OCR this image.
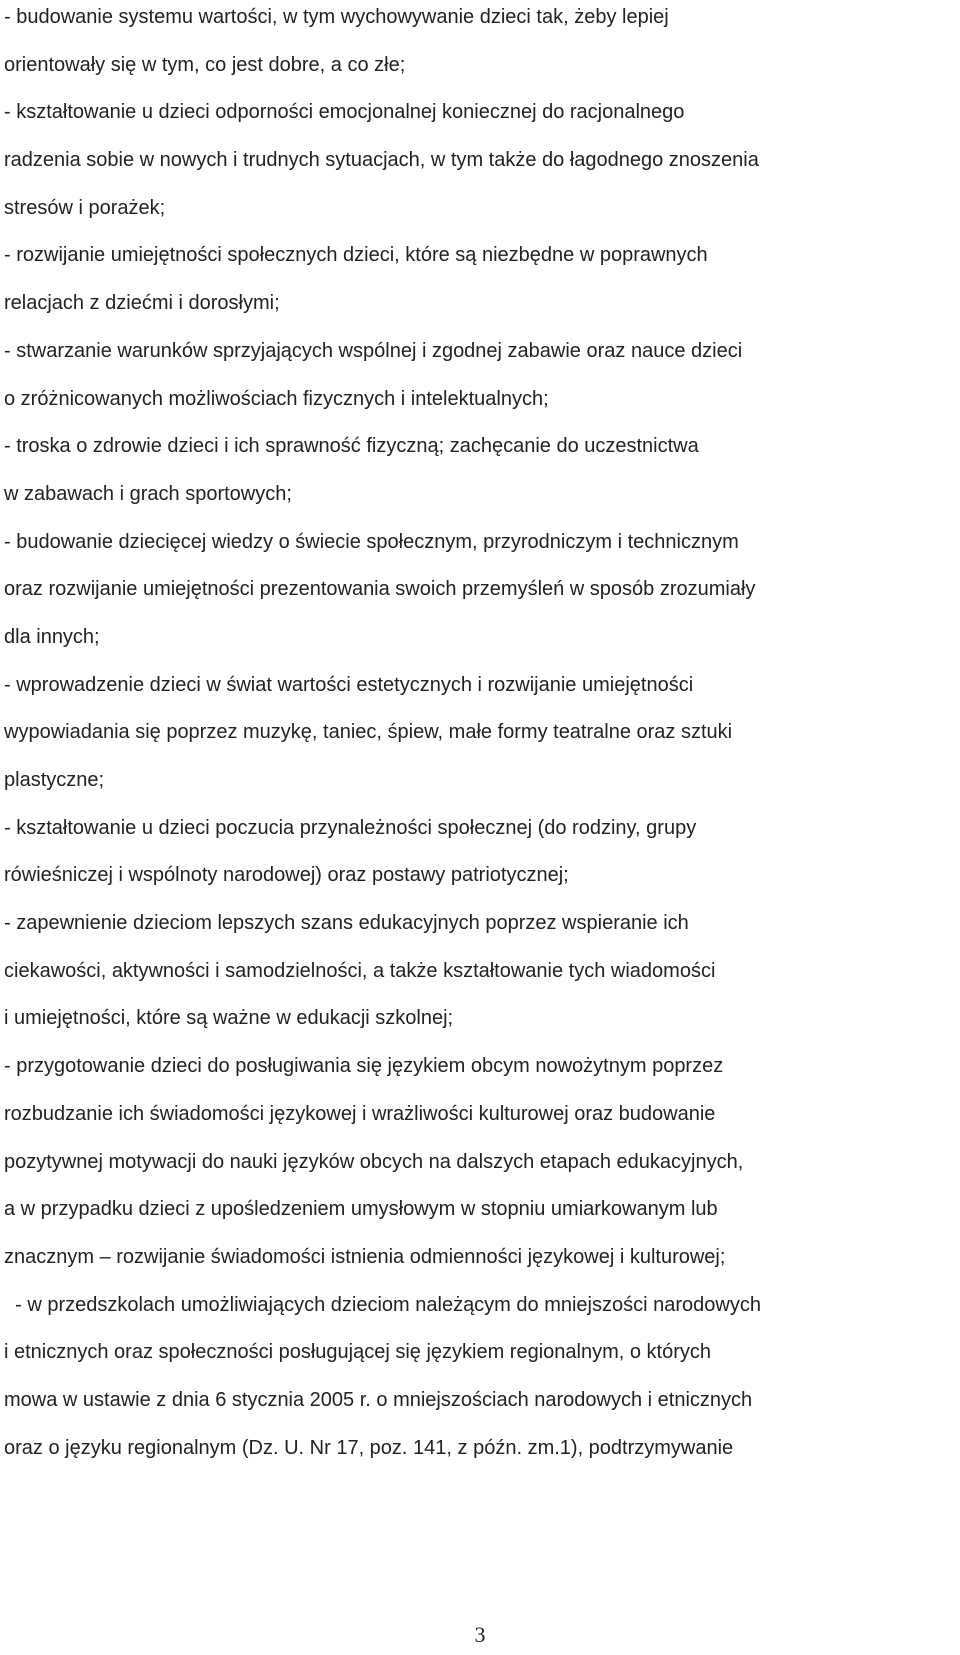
- budowanie systemu wartości, w tym wychowywanie dzieci tak, żeby lepiej
orientowały się w tym, co jest dobre, a co złe;
- kształtowanie u dzieci odporności emocjonalnej koniecznej do racjonalnego
radzenia sobie w nowych i trudnych sytuacjach, w tym także do łagodnego znoszenia
stresów i porażek;
- rozwijanie umiejętności społecznych dzieci, które są niezbędne w poprawnych
relacjach z dziećmi i dorosłymi;
- stwarzanie warunków sprzyjających wspólnej i zgodnej zabawie oraz nauce dzieci
o zróżnicowanych możliwościach fizycznych i intelektualnych;
- troska o zdrowie dzieci i ich sprawność fizyczną; zachęcanie do uczestnictwa
w zabawach i grach sportowych;
- budowanie dziecięcej wiedzy o świecie społecznym, przyrodniczym i technicznym
oraz rozwijanie umiejętności prezentowania swoich przemyśleń w sposób zrozumiały
dla innych;
- wprowadzenie dzieci w świat wartości estetycznych i rozwijanie umiejętności
wypowiadania się poprzez muzykę, taniec, śpiew, małe formy teatralne oraz sztuki
plastyczne;
- kształtowanie u dzieci poczucia przynależności społecznej (do rodziny, grupy
rówieśniczej i wspólnoty narodowej) oraz postawy patriotycznej;
- zapewnienie dzieciom lepszych szans edukacyjnych poprzez wspieranie ich
ciekawości, aktywności i samodzielności, a także kształtowanie tych wiadomości
i umiejętności, które są ważne w edukacji szkolnej;
- przygotowanie dzieci do posługiwania się językiem obcym nowożytnym poprzez
rozbudzanie ich świadomości językowej i wrażliwości kulturowej oraz budowanie
pozytywnej motywacji do nauki języków obcych na dalszych etapach edukacyjnych,
a w przypadku dzieci z upośledzeniem umysłowym w stopniu umiarkowanym lub
znacznym – rozwijanie świadomości istnienia odmienności językowej i kulturowej;
- w przedszkolach umożliwiających dzieciom należącym do mniejszości narodowych
i etnicznych oraz społeczności posługującej się językiem regionalnym, o których
mowa w ustawie z dnia 6 stycznia 2005 r. o mniejszościach narodowych i etnicznych
oraz o języku regionalnym (Dz. U. Nr 17, poz. 141, z późn. zm.1), podtrzymywanie
3
